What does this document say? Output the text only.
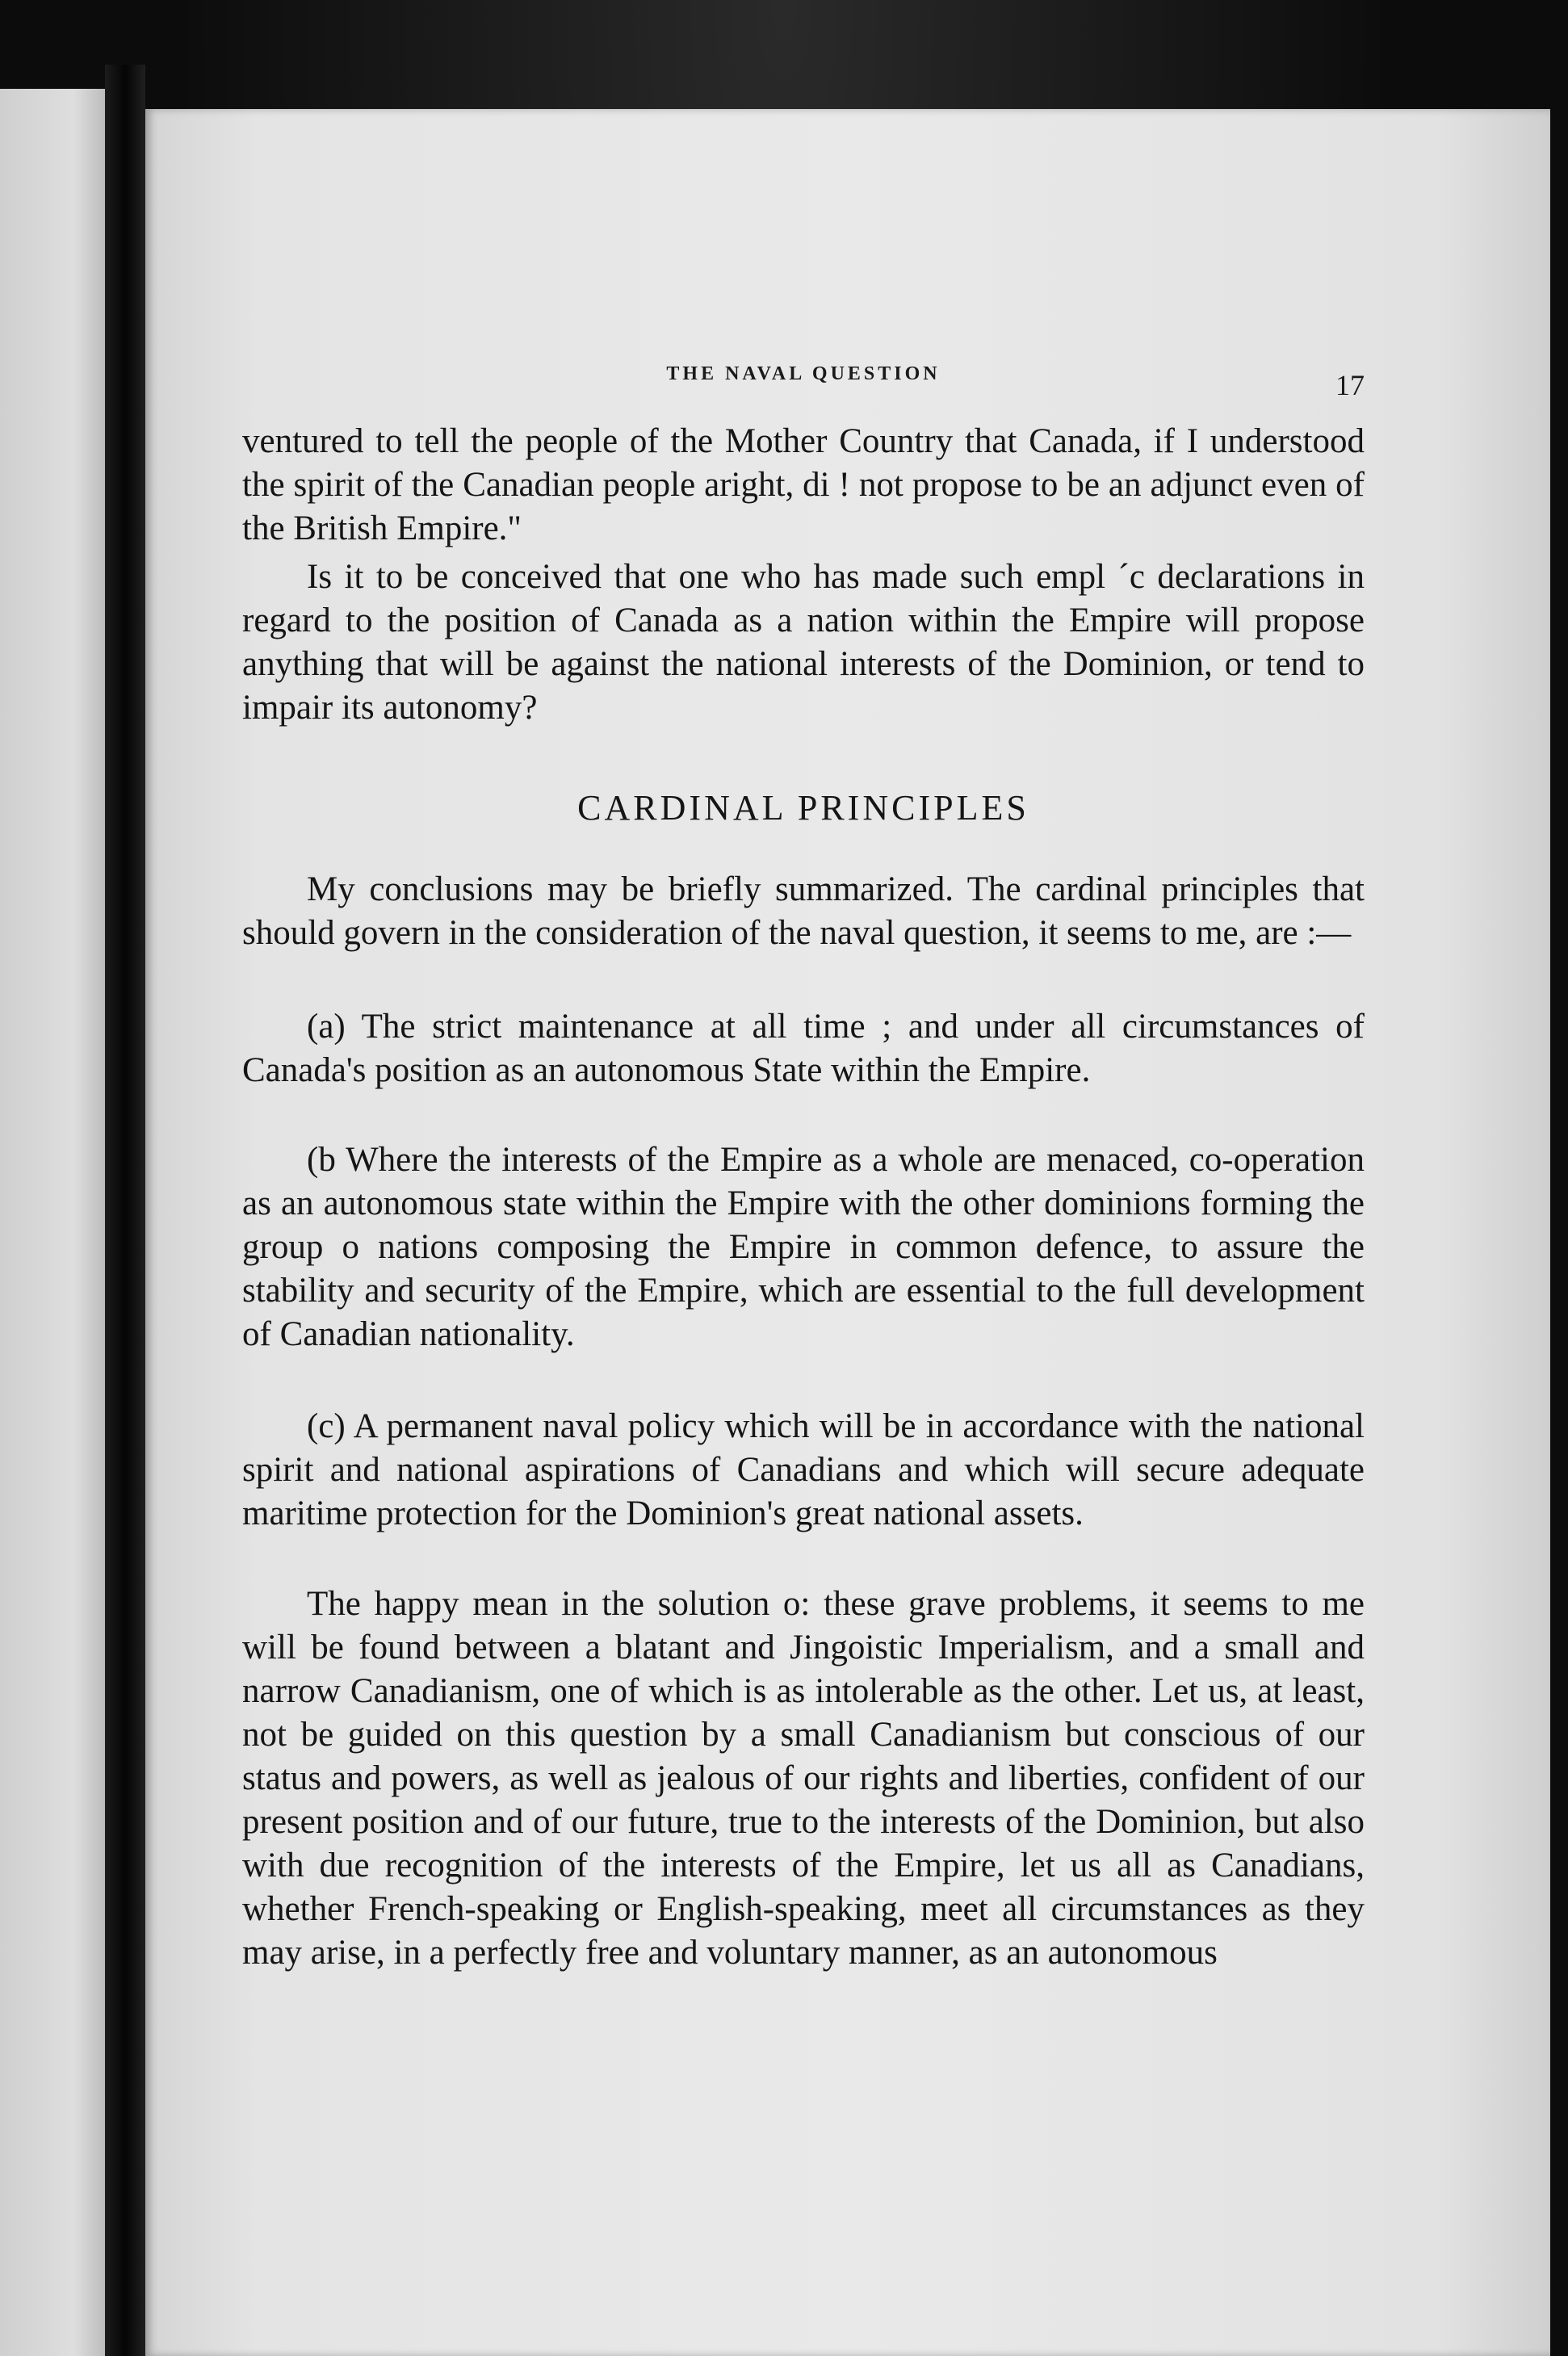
THE NAVAL QUESTION	17

ventured to tell the people of the Mother Country that Canada, if I understood the spirit of the Canadian people aright, di ! not propose to be an adjunct even of the British Empire."

Is it to be conceived that one who has made such empl ´c declarations in regard to the position of Canada as a nation within the Empire will propose anything that will be against the national interests of the Dominion, or tend to impair its autonomy?

CARDINAL PRINCIPLES

My conclusions may be briefly summarized. The cardinal principles that should govern in the consideration of the naval question, it seems to me, are :—

(a) The strict maintenance at all time ; and under all circumstances of Canada's position as an autonomous State within the Empire.

(b Where the interests of the Empire as a whole are menaced, co-operation as an autonomous state within the Empire with the other dominions forming the group o nations composing the Empire in common defence, to assure the stability and security of the Empire, which are essential to the full development of Canadian nationality.

(c) A permanent naval policy which will be in accordance with the national spirit and national aspirations of Canadians and which will secure adequate maritime protection for the Dominion's great national assets.

The happy mean in the solution o: these grave problems, it seems to me will be found between a blatant and Jingoistic Imperialism, and a small and narrow Canadianism, one of which is as intolerable as the other. Let us, at least, not be guided on this question by a small Canadianism but conscious of our status and powers, as well as jealous of our rights and liberties, confident of our present position and of our future, true to the interests of the Dominion, but also with due recognition of the interests of the Empire, let us all as Canadians, whether French-speaking or English-speaking, meet all circumstances as they may arise, in a perfectly free and voluntary manner, as an autonomous
